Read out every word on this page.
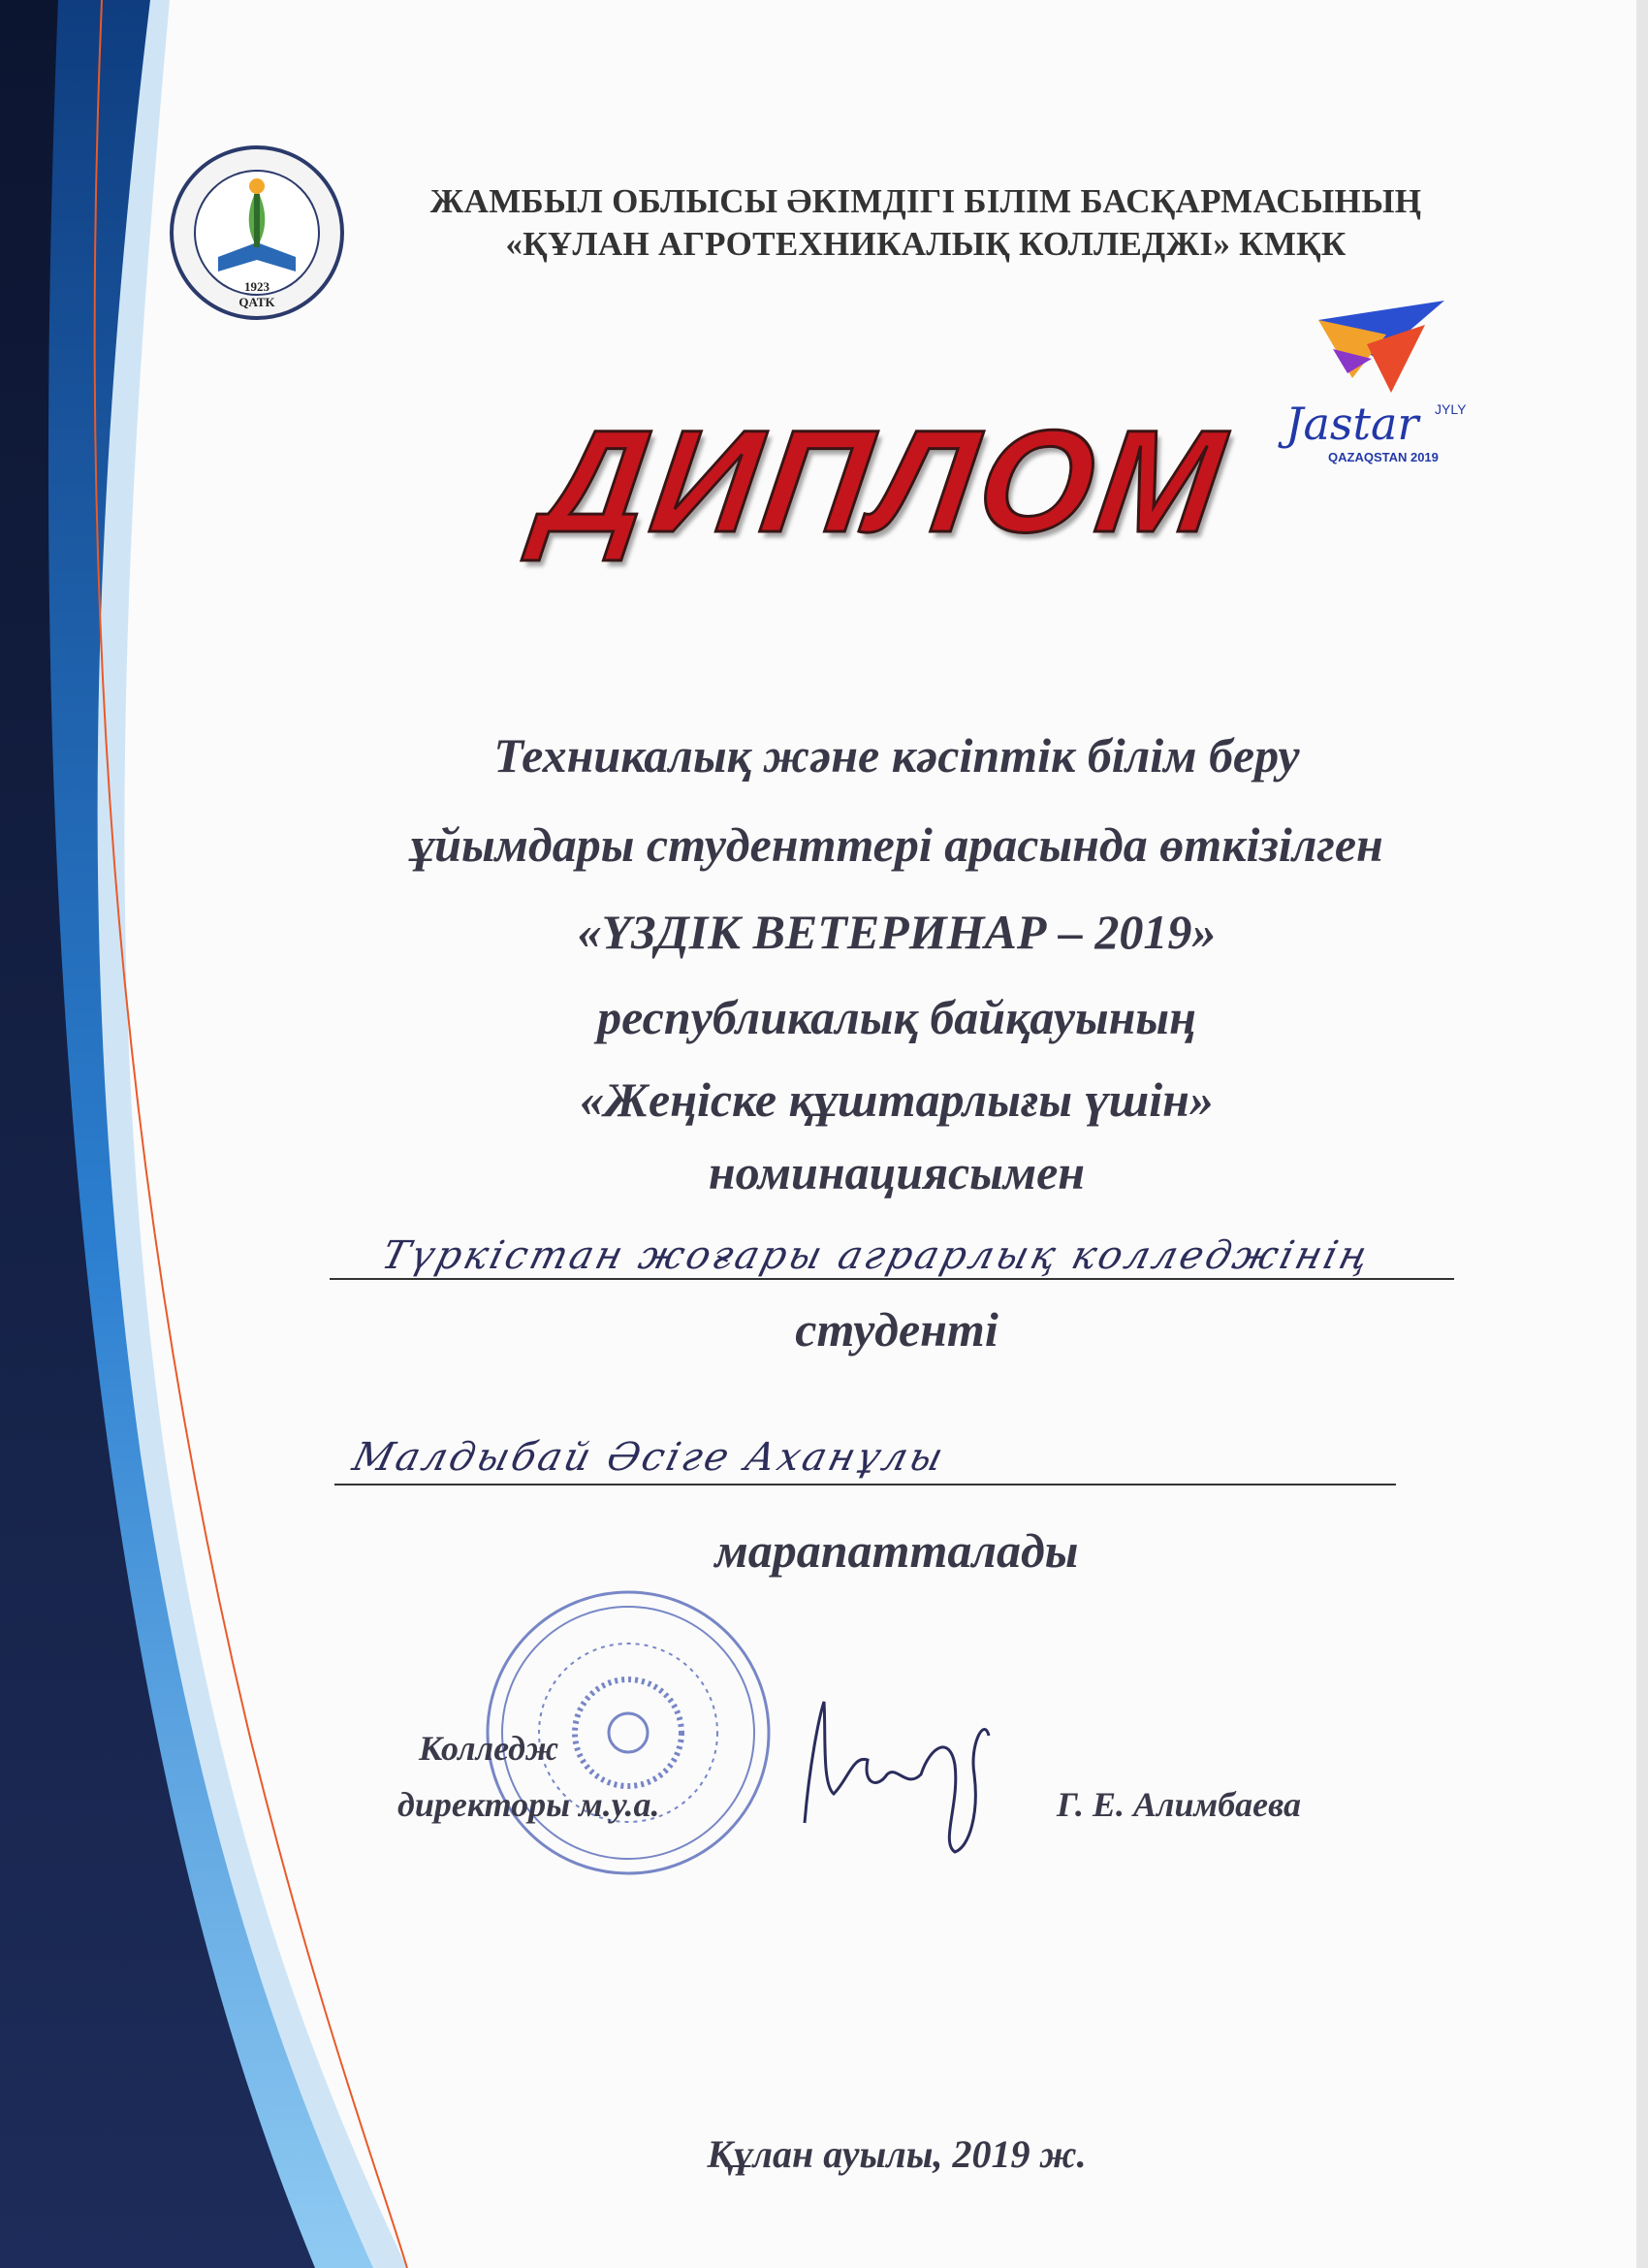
1923
QATK
ЖАМБЫЛ ОБЛЫСЫ ӘКІМДІГІ БІЛІМ БАСҚАРМАСЫНЫҢ
«ҚҰЛАН АГРОТЕХНИКАЛЫҚ КОЛЛЕДЖІ» КМҚК
Jastar JYLY
QAZAQSTAN 2019
ДИПЛОМ
Техникалық және кәсіптік білім беру
ұйымдары студенттері арасында өткізілген
«ҮЗДІК ВЕТЕРИНАР – 2019»
республикалық байқауының
«Жеңіске құштарлығы үшін»
номинациясымен
Түркістан жоғары аграрлық колледжінің
студенті
Малдыбай Әсіге Аханұлы
марапатталады
Колледж
директоры м.у.а.	Г. Е. Алимбаева
Құлан ауылы, 2019 ж.
